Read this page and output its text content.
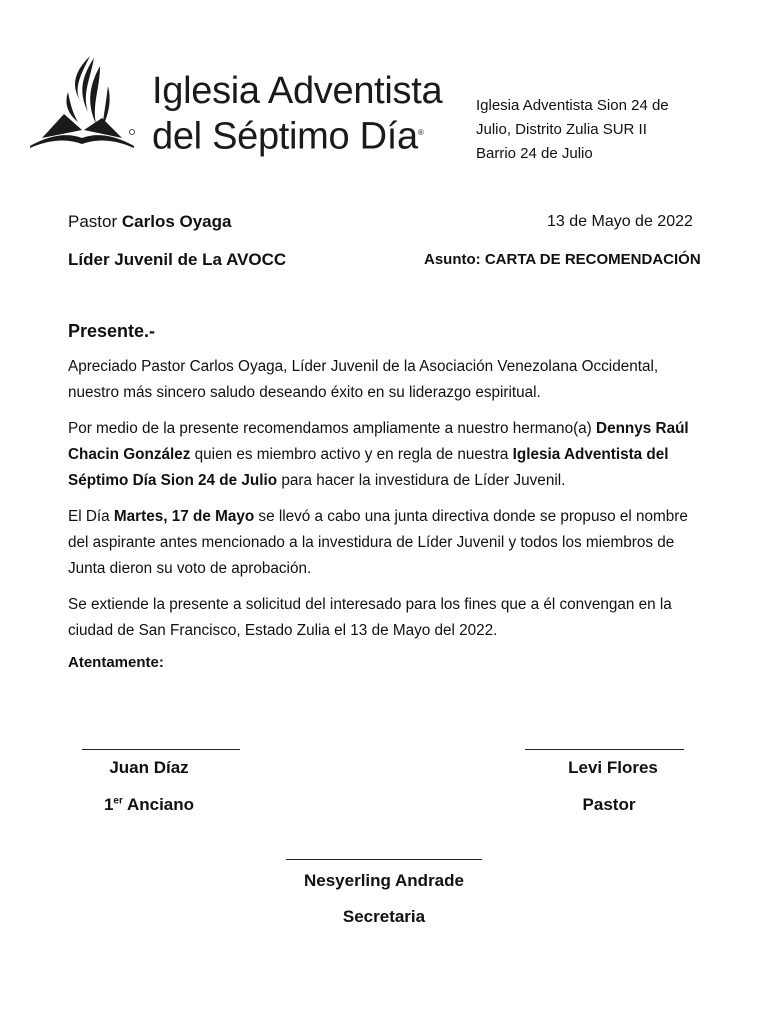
Iglesia Adventista
del Séptimo Día®
Iglesia Adventista Sion 24 de
Julio, Distrito Zulia SUR II
Barrio 24 de Julio
Pastor Carlos Oyaga
Líder Juvenil de La AVOCC
13 de Mayo de 2022
Asunto: CARTA DE RECOMENDACIÓN
Presente.-

Apreciado Pastor Carlos Oyaga, Líder Juvenil de la Asociación Venezolana Occidental, nuestro más sincero saludo deseando éxito en su liderazgo espiritual.

Por medio de la presente recomendamos ampliamente a nuestro hermano(a) Dennys Raúl Chacin González quien es miembro activo y en regla de nuestra Iglesia Adventista del Séptimo Día Sion 24 de Julio para hacer la investidura de Líder Juvenil.

El Día Martes, 17 de Mayo se llevó a cabo una junta directiva donde se propuso el nombre del aspirante antes mencionado a la investidura de Líder Juvenil y todos los miembros de Junta dieron su voto de aprobación.

Se extiende la presente a solicitud del interesado para los fines que a él convengan en la ciudad de San Francisco, Estado Zulia el 13 de Mayo del 2022.

Atentamente:
Juan Díaz
1er Anciano
Levi Flores
Pastor
Nesyerling Andrade
Secretaria
